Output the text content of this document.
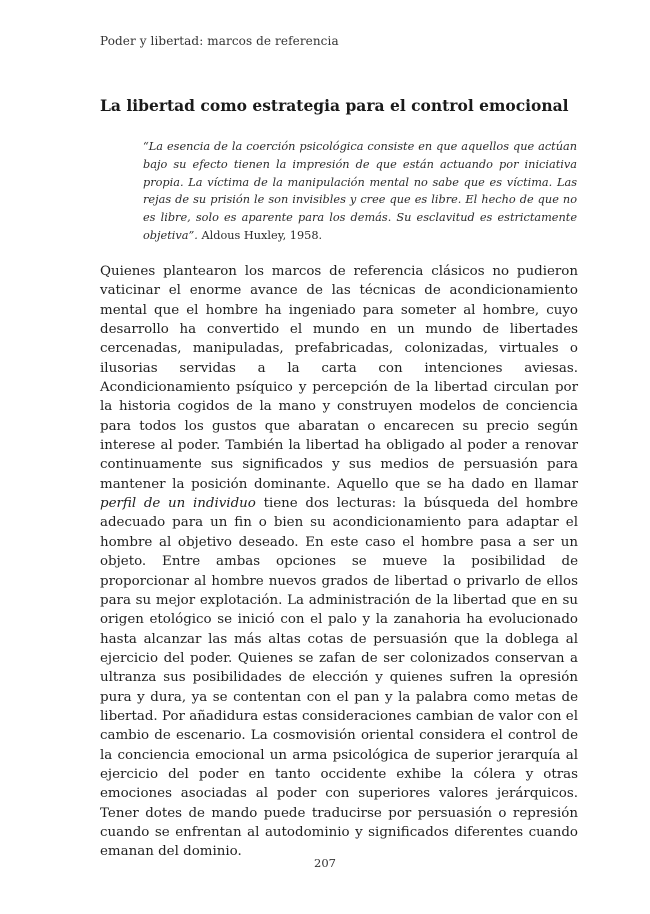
Poder y libertad: marcos de referencia
La libertad como estrategia para el control emocional
“La esencia de la coerción psicológica consiste en que aquellos que actúan bajo su efecto tienen la impresión de que están actuando por iniciativa propia. La víctima de la manipulación mental no sabe que es víctima. Las rejas de su prisión le son invisibles y cree que es libre. El hecho de que no es libre, solo es aparente para los demás. Su esclavitud es estrictamente objetiva”. Aldous Huxley, 1958.

Quienes plantearon los marcos de referencia clásicos no pudieron vaticinar el enorme avance de las técnicas de acondicionamiento mental que el hombre ha ingeniado para someter al hombre, cuyo desarrollo ha convertido el mundo en un mundo de libertades cercenadas, manipuladas, prefabricadas, colonizadas, virtuales o ilusorias servidas a la carta con intenciones aviesas. Acondicionamiento psíquico y percepción de la libertad circulan por la historia cogidos de la mano y construyen modelos de conciencia para todos los gustos que abaratan o encarecen su precio según interese al poder. También la libertad ha obligado al poder a renovar continuamente sus significados y sus medios de persuasión para mantener la posición dominante. Aquello que se ha dado en llamar perfil de un individuo tiene dos lecturas: la búsqueda del hombre adecuado para un fin o bien su acondicionamiento para adaptar el hombre al objetivo deseado. En este caso el hombre pasa a ser un objeto. Entre ambas opciones se mueve la posibilidad de proporcionar al hombre nuevos grados de libertad o privarlo de ellos para su mejor explotación. La administración de la libertad que en su origen etológico se inició con el palo y la zanahoria ha evolucionado hasta alcanzar las más altas cotas de persuasión que la doblega al ejercicio del poder. Quienes se zafan de ser colonizados conservan a ultranza sus posibilidades de elección y quienes sufren la opresión pura y dura, ya se contentan con el pan y la palabra como metas de libertad. Por añadidura estas consideraciones cambian de valor con el cambio de escenario. La cosmovisión oriental considera el control de la conciencia emocional un arma psicológica de superior jerarquía al ejercicio del poder en tanto occidente exhibe la cólera y otras emociones asociadas al poder con superiores valores jerárquicos. Tener dotes de mando puede traducirse por persuasión o represión cuando se enfrentan al autodominio y significados diferentes cuando emanan del dominio.

207
